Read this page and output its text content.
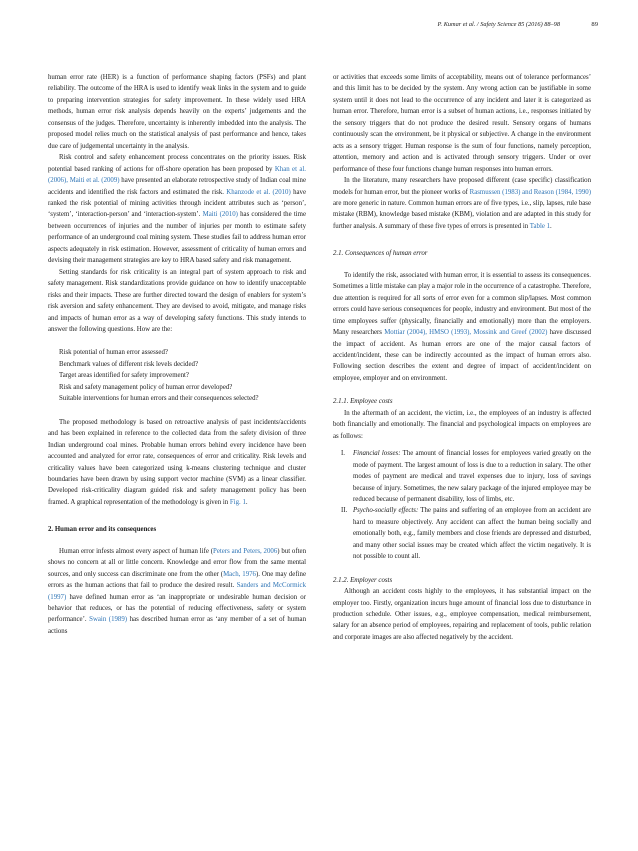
P. Kumar et al. / Safety Science 85 (2016) 88–98	89

human error rate (HER) is a function of performance shaping factors (PSFs) and plant reliability. The outcome of the HRA is used to identify weak links in the system and to guide to preparing intervention strategies for safety improvement. In these widely used HRA methods, human error risk analysis depends heavily on the experts’ judgements and the consensus of the judges. Therefore, uncertainty is inherently imbedded into the analysis. The proposed model relies much on the statistical analysis of past performance and hence, takes due care of judgemental uncertainty in the analysis.

Risk control and safety enhancement process concentrates on the priority issues. Risk potential based ranking of actions for off-shore operation has been proposed by Khan et al. (2006), Maiti et al. (2009) have presented an elaborate retrospective study of Indian coal mine accidents and identified the risk factors and estimated the risk. Khanzode et al. (2010) have ranked the risk potential of mining activities through incident attributes such as ‘person’, ‘system’, ‘interaction-person’ and ‘interaction-system’. Maiti (2010) has considered the time between occurrences of injuries and the number of injuries per month to estimate safety performance of an underground coal mining system. These studies fail to address human error aspects adequately in risk estimation. However, assessment of criticality of human errors and devising their management strategies are key to HRA based safety and risk management.

Setting standards for risk criticality is an integral part of system approach to risk and safety management. Risk standardizations provide guidance on how to identify unacceptable risks and their impacts. These are further directed toward the design of enablers for system’s risk aversion and safety enhancement. They are devised to avoid, mitigate, and manage risks and impacts of human error as a way of developing safety functions. This study intends to answer the following questions. How are the:

Risk potential of human error assessed?
Benchmark values of different risk levels decided?
Target areas identified for safety improvement?
Risk and safety management policy of human error developed?
Suitable interventions for human errors and their consequences selected?

The proposed methodology is based on retroactive analysis of past incidents/accidents and has been explained in reference to the collected data from the safety division of three Indian underground coal mines. Probable human errors behind every incidence have been accounted and analyzed for error rate, consequences of error and criticality. Risk levels and criticality values have been categorized using k-means clustering technique and cluster boundaries have been drawn by using support vector machine (SVM) as a linear classifier. Developed risk-criticality diagram guided risk and safety management policy has been framed. A graphical representation of the methodology is given in Fig. 1.

2. Human error and its consequences

Human error infests almost every aspect of human life (Peters and Peters, 2006) but often shows no concern at all or little concern. Knowledge and error flow from the same mental sources, and only success can discriminate one from the other (Mach, 1976). One may define errors as the human actions that fail to produce the desired result. Sanders and McCormick (1997) have defined human error as ‘an inappropriate or undesirable human decision or behavior that reduces, or has the potential of reducing effectiveness, safety or system performance’. Swain (1989) has described human error as ‘any member of a set of human actions

or activities that exceeds some limits of acceptability, means out of tolerance performances’ and this limit has to be decided by the system. Any wrong action can be justifiable in some system until it does not lead to the occurrence of any incident and later it is categorized as human error. Therefore, human error is a subset of human actions, i.e., responses initiated by the sensory triggers that do not produce the desired result. Sensory organs of humans continuously scan the environment, be it physical or subjective. A change in the environment acts as a sensory trigger. Human response is the sum of four functions, namely perception, attention, memory and action and is activated through sensory triggers. Under or over performance of these four functions change human responses into human errors.

In the literature, many researchers have proposed different (case specific) classification models for human error, but the pioneer works of Rasmussen (1983) and Reason (1984, 1990) are more generic in nature. Common human errors are of five types, i.e., slip, lapses, rule base mistake (RBM), knowledge based mistake (KBM), violation and are adapted in this study for further analysis. A summary of these five types of errors is presented in Table 1.

2.1. Consequences of human error

To identify the risk, associated with human error, it is essential to assess its consequences. Sometimes a little mistake can play a major role in the occurrence of a catastrophe. Therefore, due attention is required for all sorts of error even for a common slip/lapses. Most common errors could have serious consequences for people, industry and environment. But most of the time employees suffer (physically, financially and emotionally) more than the employers. Many researchers Mottiar (2004), HMSO (1993), Mossink and Greef (2002) have discussed the impact of accident. As human errors are one of the major causal factors of accident/incident, these can be indirectly accounted as the impact of human errors also. Following section describes the extent and degree of impact of accident/incident on employee, employer and on environment.

2.1.1. Employee costs

In the aftermath of an accident, the victim, i.e., the employees of an industry is affected both financially and emotionally. The financial and psychological impacts on employees are as follows:

I. Financial losses: The amount of financial losses for employees varied greatly on the mode of payment. The largest amount of loss is due to a reduction in salary. The other modes of payment are medical and travel expenses due to injury, loss of savings because of injury. Sometimes, the new salary package of the injured employee may be reduced because of permanent disability, loss of limbs, etc.
II. Psycho-socially effects: The pains and suffering of an employee from an accident are hard to measure objectively. Any accident can affect the human being socially and emotionally both, e.g., family members and close friends are depressed and disturbed, and many other social issues may be created which affect the victim negatively. It is not possible to count all.
2.1.2. Employer costs

Although an accident costs highly to the employees, it has substantial impact on the employer too. Firstly, organization incurs huge amount of financial loss due to disturbance in production schedule. Other issues, e.g., employee compensation, medical reimbursement, salary for an absence period of employees, repairing and replacement of tools, public relation and corporate images are also affected negatively by the accident.
